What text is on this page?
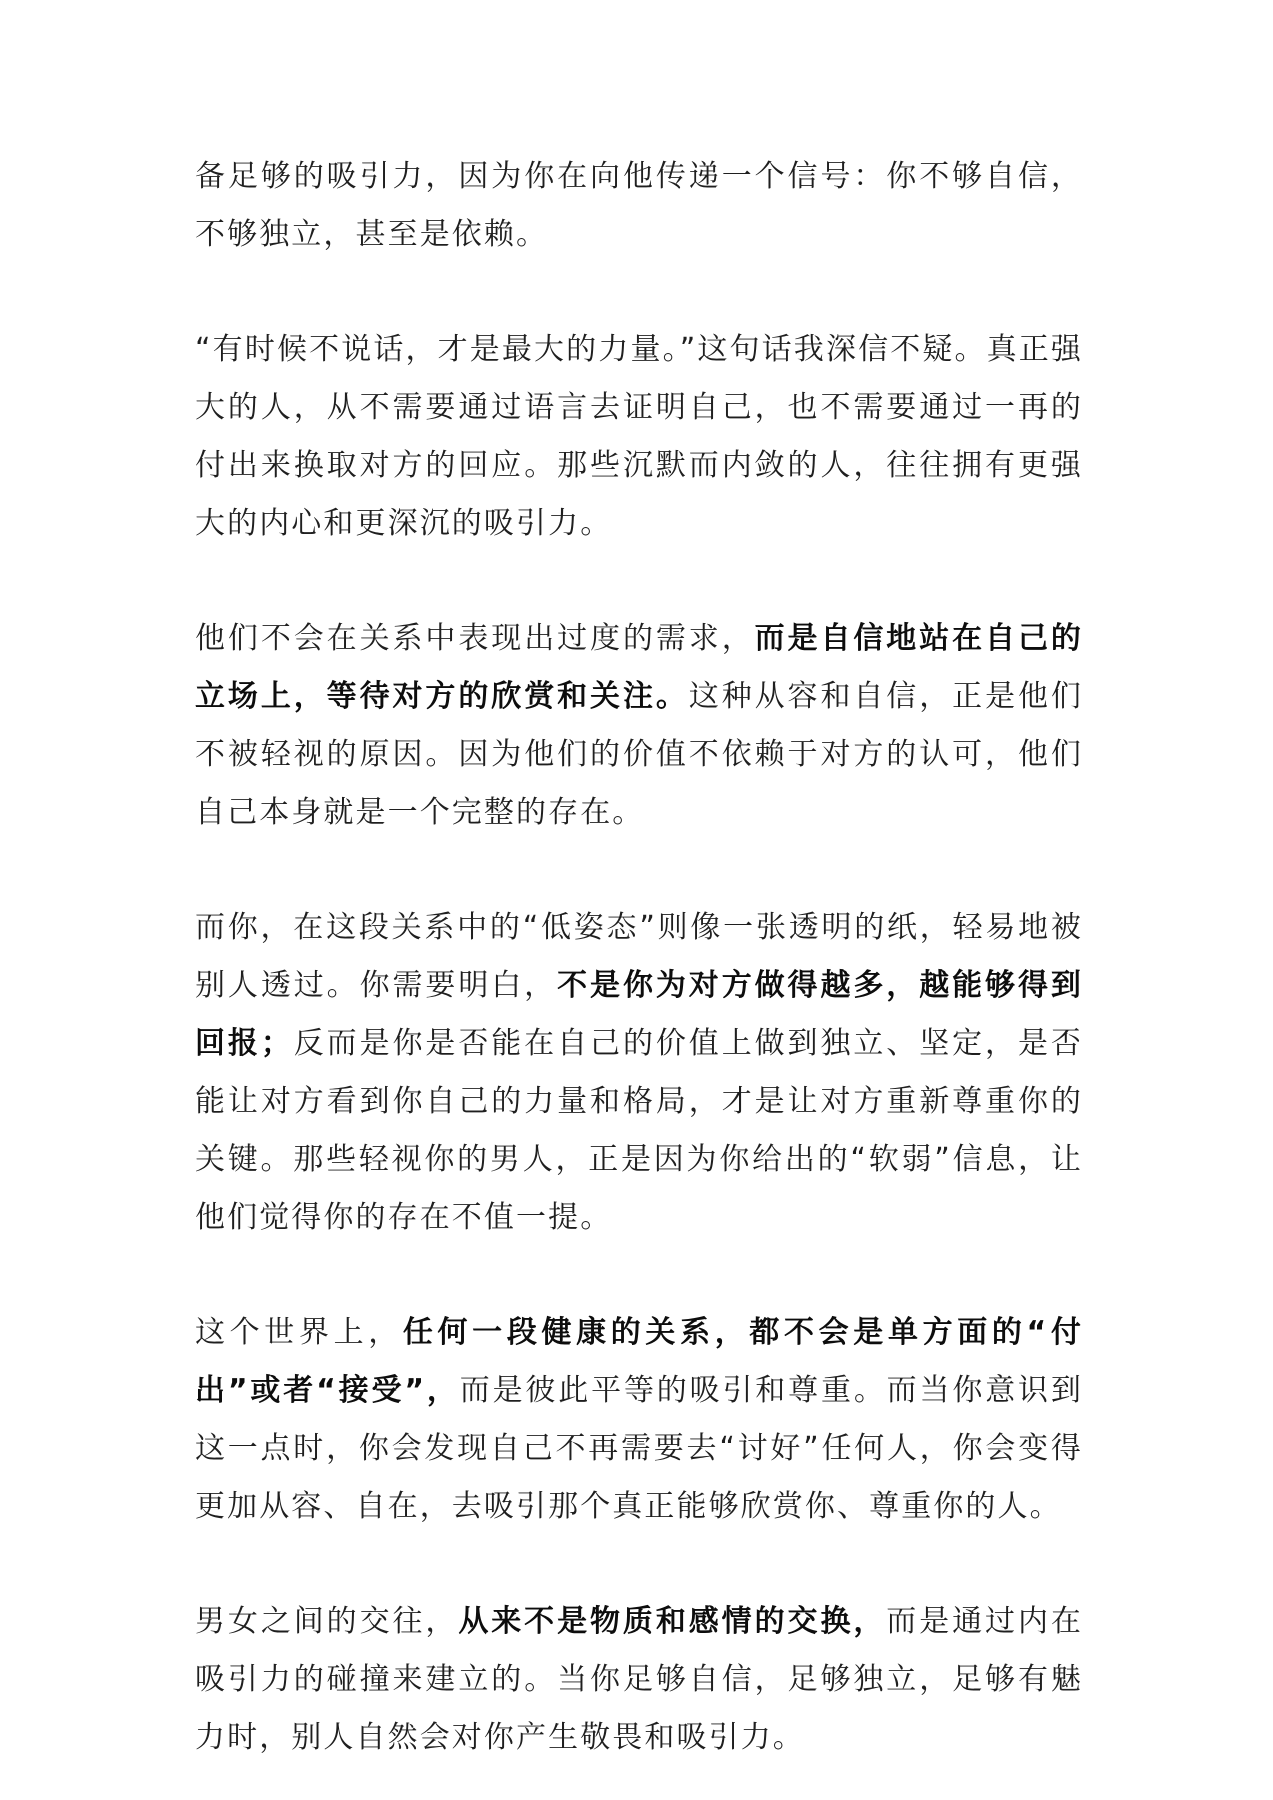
备足够的吸引力，因为你在向他传递一个信号：你不够自信，不够独立，甚至是依赖。

“有时候不说话，才是最大的力量。”这句话我深信不疑。真正强大的人，从不需要通过语言去证明自己，也不需要通过一再的付出来换取对方的回应。那些沉默而内敛的人，往往拥有更强大的内心和更深沉的吸引力。

他们不会在关系中表现出过度的需求，而是自信地站在自己的立场上，等待对方的欣赏和关注。这种从容和自信，正是他们不被轻视的原因。因为他们的价值不依赖于对方的认可，他们自己本身就是一个完整的存在。

而你，在这段关系中的“低姿态”则像一张透明的纸，轻易地被别人透过。你需要明白，不是你为对方做得越多，越能够得到回报；反而是你是否能在自己的价值上做到独立、坚定，是否能让对方看到你自己的力量和格局，才是让对方重新尊重你的关键。那些轻视你的男人，正是因为你给出的“软弱”信息，让他们觉得你的存在不值一提。

这个世界上，任何一段健康的关系，都不会是单方面的“付出”或者“接受”，而是彼此平等的吸引和尊重。而当你意识到这一点时，你会发现自己不再需要去“讨好”任何人，你会变得更加从容、自在，去吸引那个真正能够欣赏你、尊重你的人。

男女之间的交往，从来不是物质和感情的交换，而是通过内在吸引力的碰撞来建立的。当你足够自信，足够独立，足够有魅力时，别人自然会对你产生敬畏和吸引力。
